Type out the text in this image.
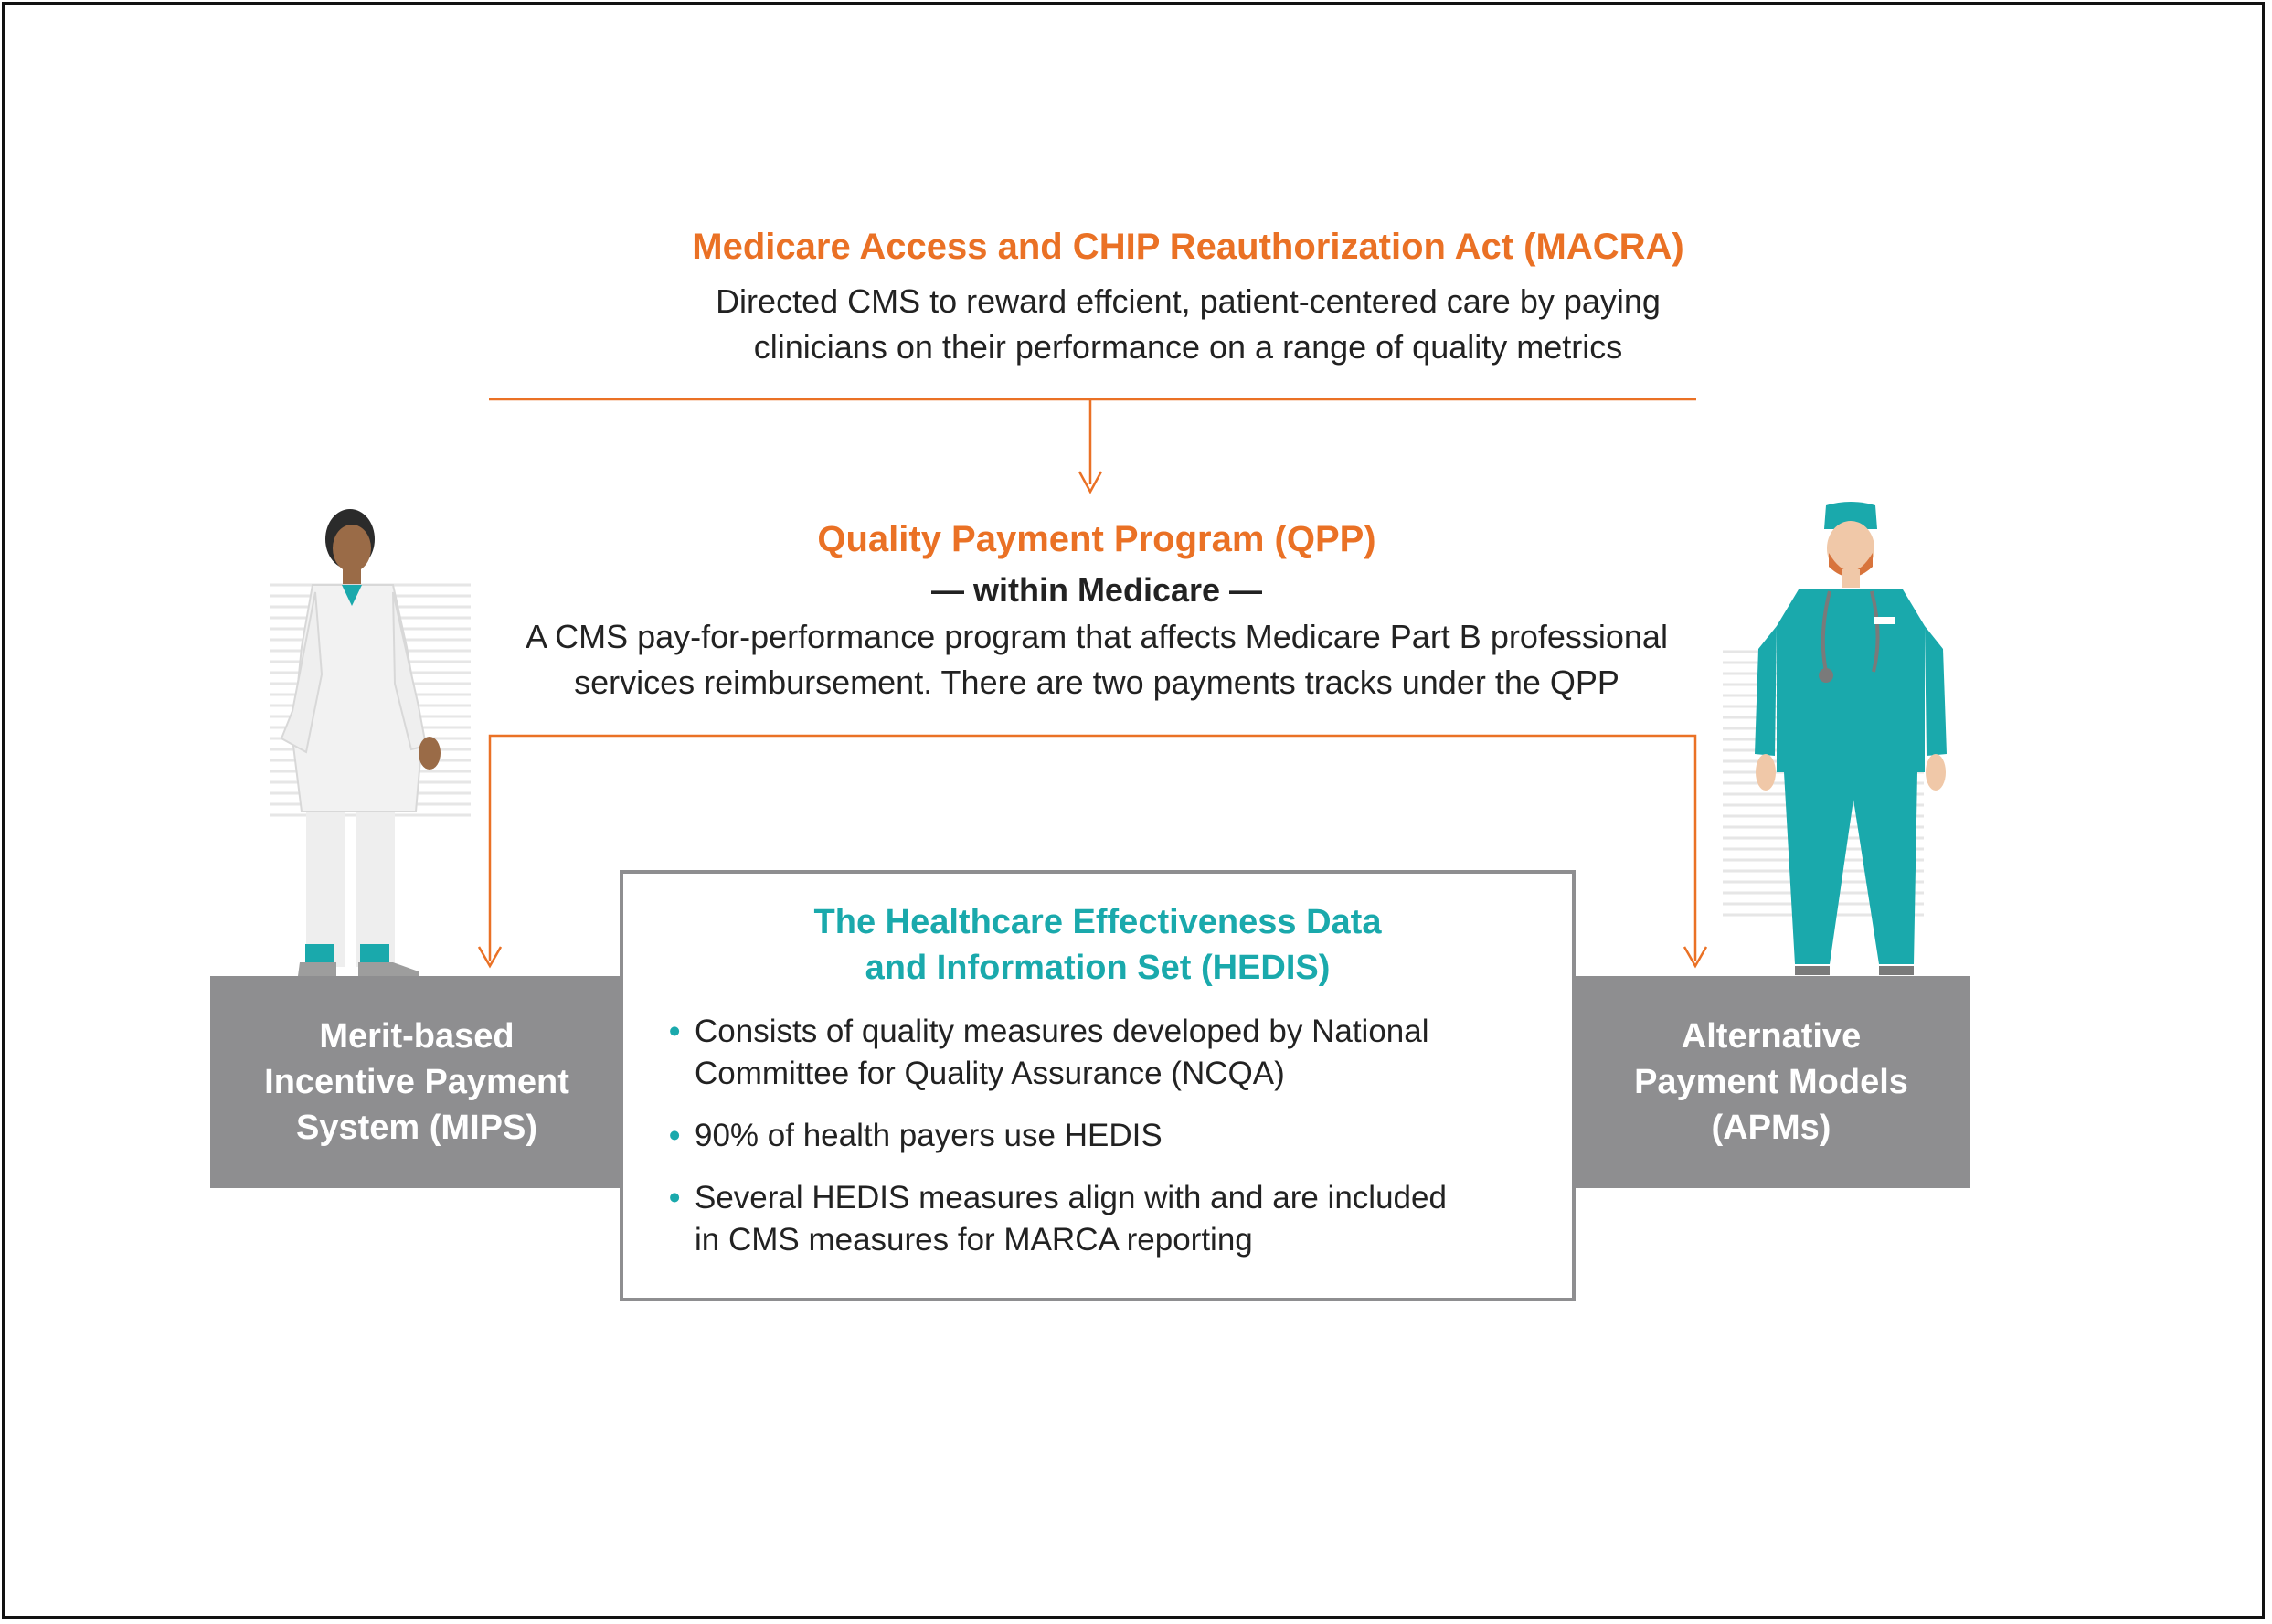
Medicare Access and CHIP Reauthorization Act (MACRA)
Directed CMS to reward effcient, patient-centered care by paying
clinicians on their performance on a range of quality metrics
Quality Payment Program (QPP)
— within Medicare —
A CMS pay-for-performance program that affects Medicare Part B professional
services reimbursement. There are two payments tracks under the QPP
Merit-based
Incentive Payment
System (MIPS)
Alternative
Payment Models
(APMs)
The Healthcare Effectiveness Data
and Information Set (HEDIS)
• Consists of quality measures developed by National
Committee for Quality Assurance (NCQA)
• 90% of health payers use HEDIS
• Several HEDIS measures align with and are included
in CMS measures for MARCA reporting
